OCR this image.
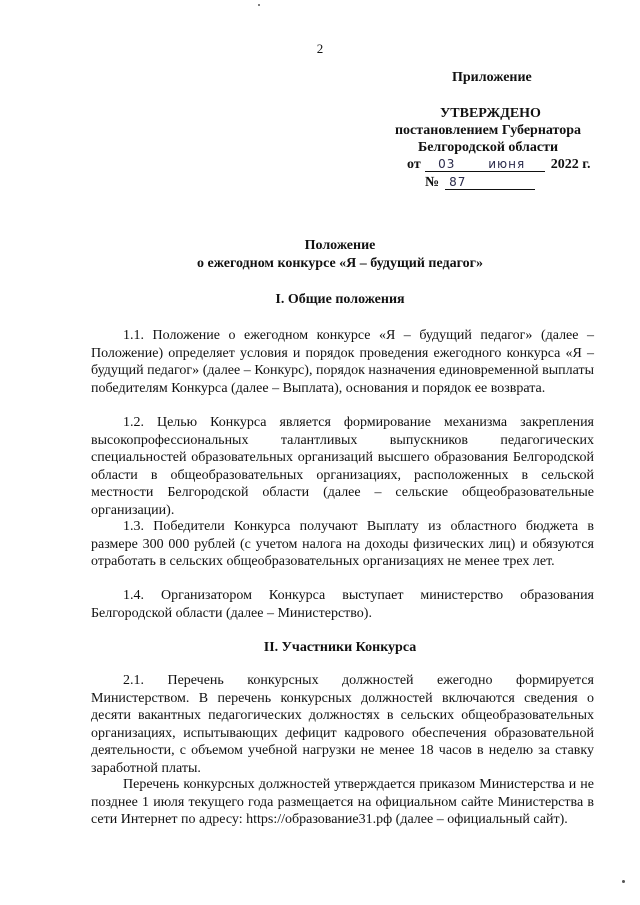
2

Приложение

УТВЕРЖДЕНО

постановлением Губернатора

Белгородской области

от	03	июня	2022 г.
№ 87

Положение

о ежегодном конкурсе «Я – будущий педагог»

I. Общие положения

1.1. Положение о ежегодном конкурсе «Я – будущий педагог» (далее – Положение) определяет условия и порядок проведения ежегодного конкурса «Я – будущий педагог» (далее – Конкурс), порядок назначения единовременной выплаты победителям Конкурса (далее – Выплата), основания и порядок ее возврата.

1.2. Целью Конкурса является формирование механизма закрепления высокопрофессиональных талантливых выпускников педагогических специальностей образовательных организаций высшего образования Белгородской области в общеобразовательных организациях, расположенных в сельской местности Белгородской области (далее – сельские общеобразовательные организации).

1.3. Победители Конкурса получают Выплату из областного бюджета в размере 300 000 рублей (с учетом налога на доходы физических лиц) и обязуются отработать в сельских общеобразовательных организациях не менее трех лет.

1.4. Организатором Конкурса выступает министерство образования Белгородской области (далее – Министерство).

II. Участники Конкурса

2.1. Перечень конкурсных должностей ежегодно формируется Министерством. В перечень конкурсных должностей включаются сведения о десяти вакантных педагогических должностях в сельских общеобразовательных организациях, испытывающих дефицит кадрового обеспечения образовательной деятельности, с объемом учебной нагрузки не менее 18 часов в неделю за ставку заработной платы.

Перечень конкурсных должностей утверждается приказом Министерства и не позднее 1 июля текущего года размещается на официальном сайте Министерства в сети Интернет по адресу: https://образование31.рф (далее – официальный сайт).
